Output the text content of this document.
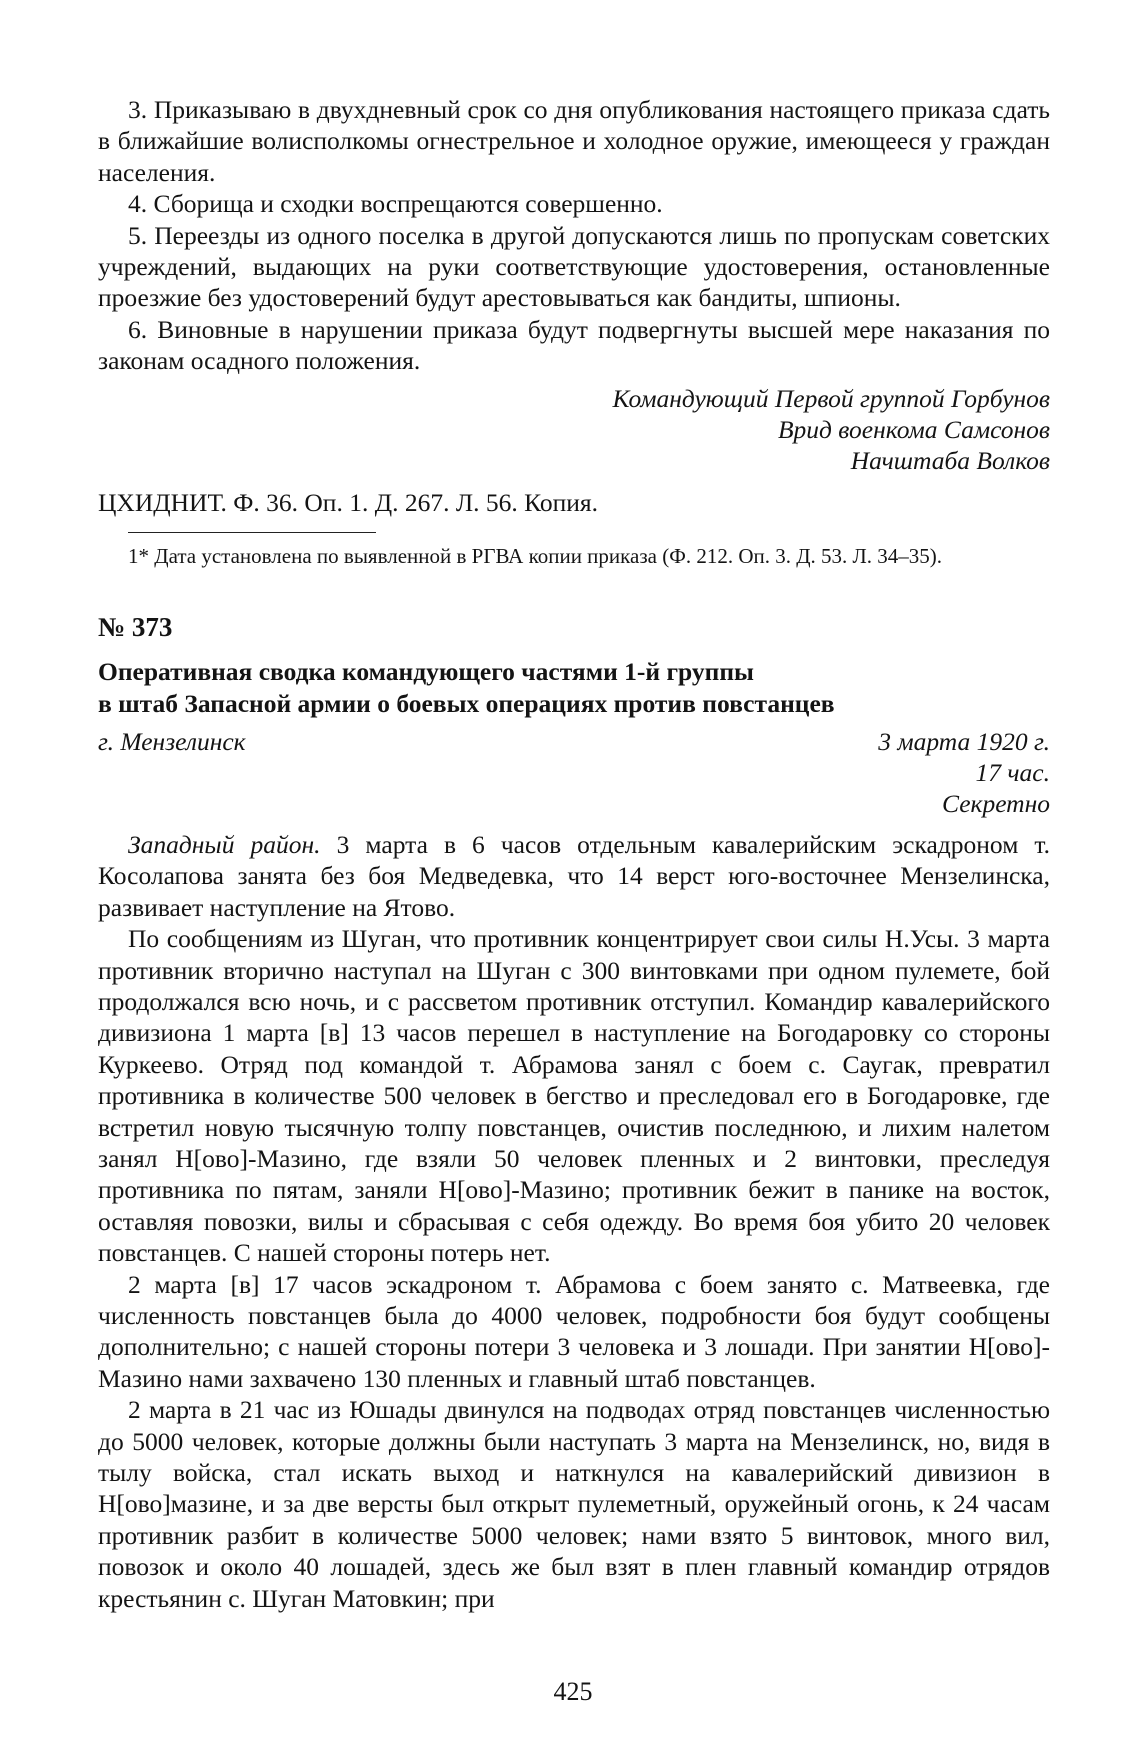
3. Приказываю в двухдневный срок со дня опубликования настоящего приказа сдать в ближайшие волисполкомы огнестрельное и холодное оружие, имеющееся у граждан населения.

4. Сборища и сходки воспрещаются совершенно.

5. Переезды из одного поселка в другой допускаются лишь по пропускам советских учреждений, выдающих на руки соответствующие удостоверения, остановленные проезжие без удостоверений будут арестовываться как бандиты, шпионы.

6. Виновные в нарушении приказа будут подвергнуты высшей мере наказания по законам осадного положения.

Командующий Первой группой Горбунов

Врид военкома Самсонов

Начштаба Волков

ЦХИДНИТ. Ф. 36. Оп. 1. Д. 267. Л. 56. Копия.

1* Дата установлена по выявленной в РГВА копии приказа (Ф. 212. Оп. 3. Д. 53. Л. 34–35).

№ 373

Оперативная сводка командующего частями 1-й группы

в штаб Запасной армии о боевых операциях против повстанцев

г. Мензелинск	3 марта 1920 г.

17 час.

Секретно

Западный район. 3 марта в 6 часов отдельным кавалерийским эскадроном т. Косолапова занята без боя Медведевка, что 14 верст юго-восточнее Мензелинска, развивает наступление на Ятово.

По сообщениям из Шуган, что противник концентрирует свои силы Н.Усы. 3 марта противник вторично наступал на Шуган с 300 винтовками при одном пулемете, бой продолжался всю ночь, и с рассветом противник отступил. Командир кавалерийского дивизиона 1 марта [в] 13 часов перешел в наступление на Богодаровку со стороны Куркеево. Отряд под командой т. Абрамова занял с боем с. Саугак, превратил противника в количестве 500 человек в бегство и преследовал его в Богодаровке, где встретил новую тысячную толпу повстанцев, очистив последнюю, и лихим налетом занял Н[ово]-Мазино, где взяли 50 человек пленных и 2 винтовки, преследуя противника по пятам, заняли Н[ово]-Мазино; противник бежит в панике на восток, оставляя повозки, вилы и сбрасывая с себя одежду. Во время боя убито 20 человек повстанцев. С нашей стороны потерь нет.

2 марта [в] 17 часов эскадроном т. Абрамова с боем занято с. Матвеевка, где численность повстанцев была до 4000 человек, подробности боя будут сообщены дополнительно; с нашей стороны потери 3 человека и 3 лошади. При занятии Н[ово]-Мазино нами захвачено 130 пленных и главный штаб повстанцев.

2 марта в 21 час из Юшады двинулся на подводах отряд повстанцев численностью до 5000 человек, которые должны были наступать 3 марта на Мензелинск, но, видя в тылу войска, стал искать выход и наткнулся на кавалерийский дивизион в Н[ово]мазине, и за две версты был открыт пулеметный, оружейный огонь, к 24 часам противник разбит в количестве 5000 человек; нами взято 5 винтовок, много вил, повозок и около 40 лошадей, здесь же был взят в плен главный командир отрядов крестьянин с. Шуган Матовкин; при

425
